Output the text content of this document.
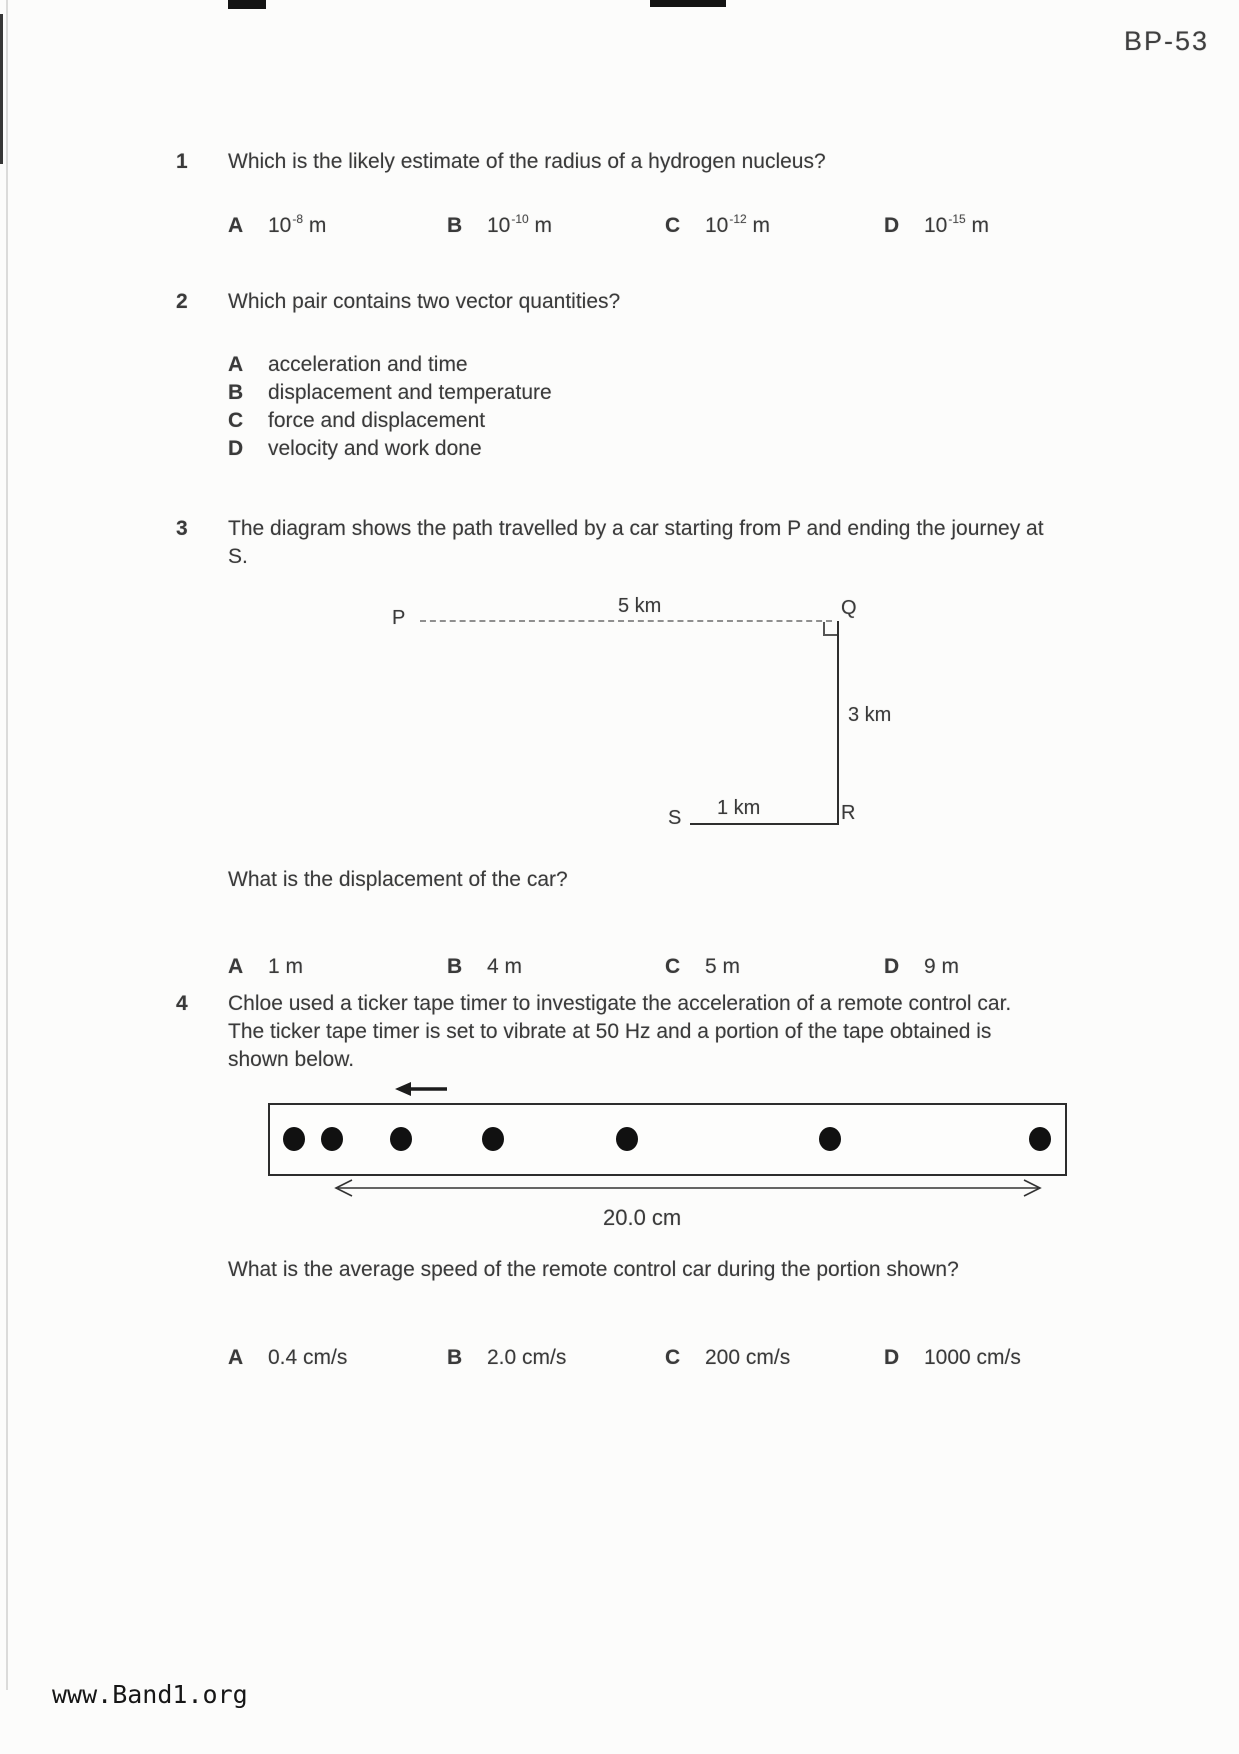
BP-53
1 Which is the likely estimate of the radius of a hydrogen nucleus?
A $10^{-8}$ m	B $10^{-10}$ m	C $10^{-12}$ m	D $10^{-15}$ m
2 Which pair contains two vector quantities?
A acceleration and time
B displacement and temperature
C force and displacement
D velocity and work done
3 The diagram shows the path travelled by a car starting from P and ending the journey at
S.
P
5 km	Q
3 km
1 km
S	R
What is the displacement of the car?
A 1 m	B 4 m	C 5 m	D 9 m
4 Chloe used a ticker tape timer to investigate the acceleration of a remote control car.
The ticker tape timer is set to vibrate at 50 Hz and a portion of the tape obtained is
shown below.
20.0 cm
What is the average speed of the remote control car during the portion shown?
A 0.4 cm/s	B 2.0 cm/s	C 200 cm/s	D 1000 cm/s
www.Band1.org
